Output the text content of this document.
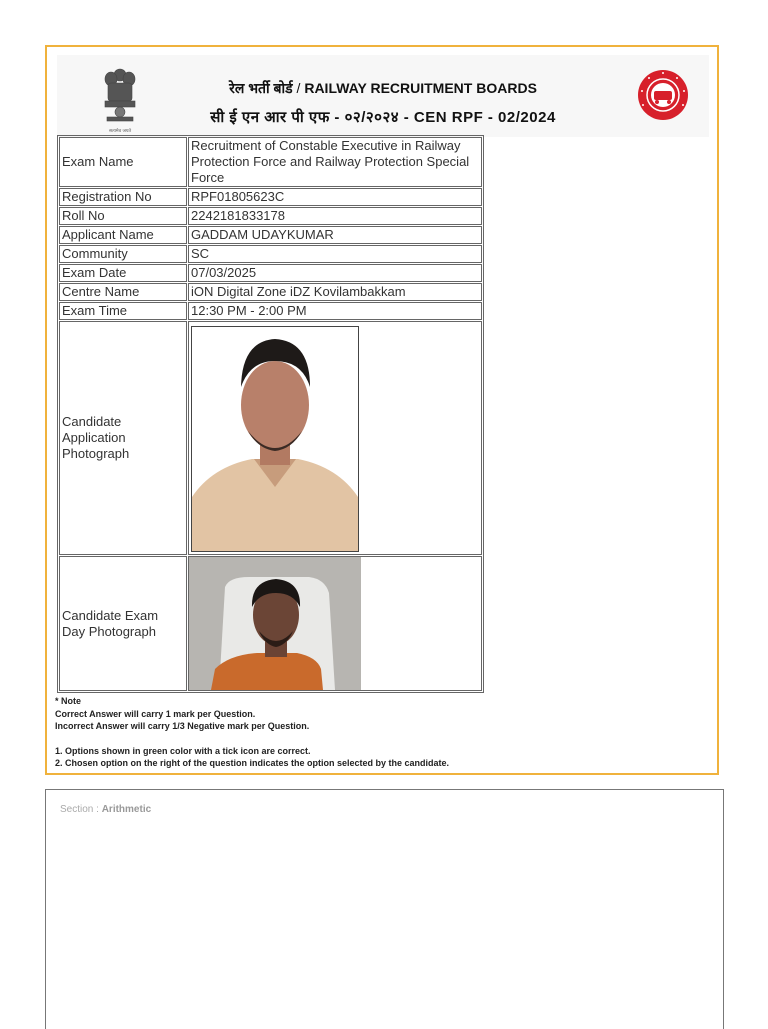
सत्यमेव जयते
रेल भर्ती बोर्ड / RAILWAY RECRUITMENT BOARDS
सी ई एन आर पी एफ - ०२/२०२४ - CEN RPF - 02/2024
Exam Name	Recruitment of Constable Executive in Railway Protection Force and Railway Protection Special Force
Registration No	RPF01805623C
Roll No	2242181833178
Applicant Name	GADDAM UDAYKUMAR
Community	SC
Exam Date	07/03/2025
Centre Name	iON Digital Zone iDZ Kovilambakkam
Exam Time	12:30 PM - 2:00 PM
Candidate Application Photograph	

Candidate Exam Day Photograph	
* Note
Correct Answer will carry 1 mark per Question.
Incorrect Answer will carry 1/3 Negative mark per Question.
1. Options shown in green color with a tick icon are correct.
2. Chosen option on the right of the question indicates the option selected by the candidate.
Section : Arithmetic
